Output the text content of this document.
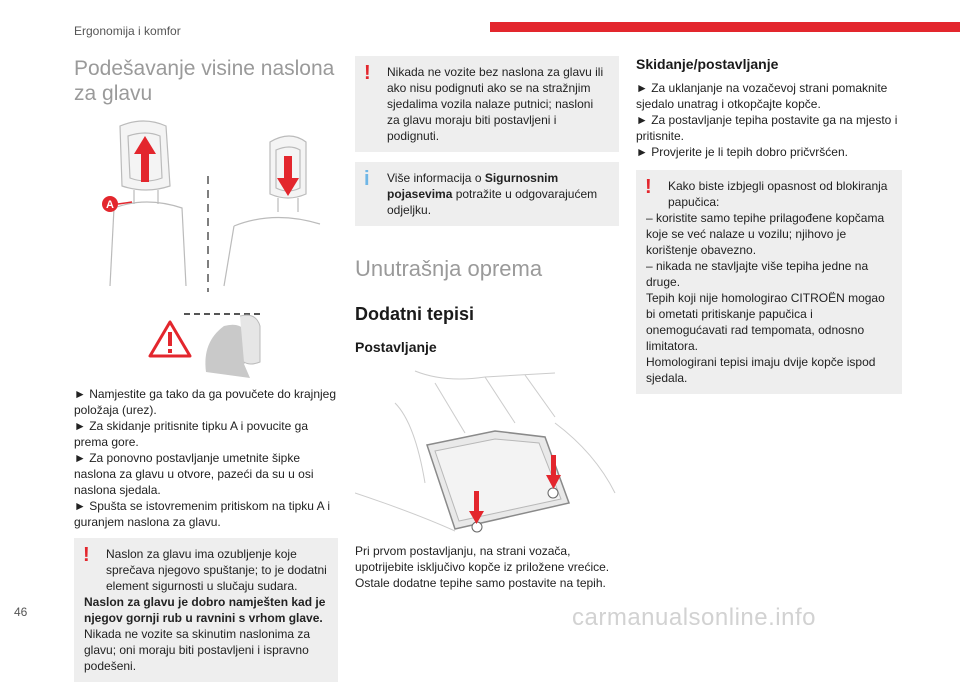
Ergonomija i komfor
Podešavanje visine naslona za glavu
A

► Namjestite ga tako da ga povučete do krajnjeg položaja (urez).

► Za skidanje pritisnite tipku A i povucite ga prema gore.

► Za ponovno postavljanje umetnite šipke naslona za glavu u otvore, pazeći da su u osi naslona sjedala.

► Spušta se istovremenim pritiskom na tipku A i guranjem naslona za glavu.

!	Naslon za glavu ima ozubljenje koje sprečava njegovo spuštanje; to je dodatni element sigurnosti u slučaju sudara.
Naslon za glavu je dobro namješten kad je njegov gornji rub u ravnini s vrhom glave.
Nikada ne vozite sa skinutim naslonima za glavu; oni moraju biti postavljeni i ispravno podešeni.
!	Nikada ne vozite bez naslona za glavu ili ako nisu podignuti ako se na stražnjim sjedalima vozila nalaze putnici; nasloni za glavu moraju biti postavljeni i podignuti.
i	Više informacija o Sigurnosnim pojasevima potražite u odgovarajućem odjeljku.
Unutrašnja oprema
Dodatni tepisi
Postavljanje

Pri prvom postavljanju, na strani vozača, upotrijebite isključivo kopče iz priložene vrećice. Ostale dodatne tepihe samo postavite na tepih.

Skidanje/postavljanje

► Za uklanjanje na vozačevoj strani pomaknite sjedalo unatrag i otkopčajte kopče.

► Za postavljanje tepiha postavite ga na mjesto i pritisnite.

► Provjerite je li tepih dobro pričvršćen.

!	Kako biste izbjegli opasnost od blokiranja papučica:
– koristite samo tepihe prilagođene kopčama koje se već nalaze u vozilu; njihovo je korištenje obavezno.
– nikada ne stavljajte više tepiha jedne na druge.
Tepih koji nije homologirao CITROËN mogao bi ometati pritiskanje papučica i onemogućavati rad tempomata, odnosno limitatora.
Homologirani tepisi imaju dvije kopče ispod sjedala.
46	carmanualsonline.info
